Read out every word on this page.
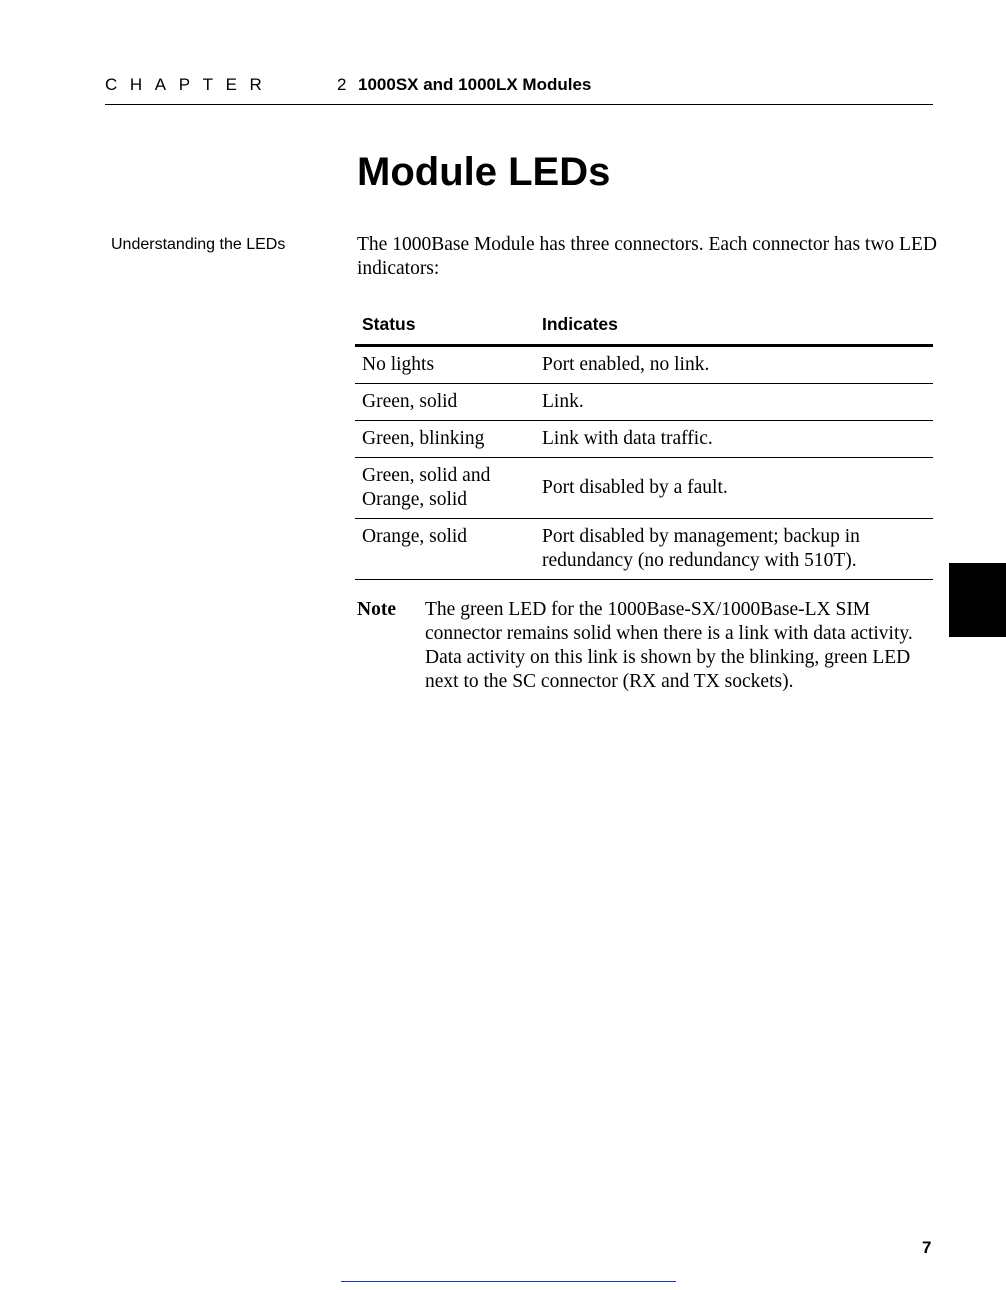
CHAPTER	2 1000SX and 1000LX Modules
Module LEDs
Understanding the LEDs	The 1000Base Module has three connectors. Each connector has two LED indicators:

Status	Indicates
No lights	Port enabled, no link.
Green, solid	Link.
Green, blinking	Link with data traffic.
Green, solid and Orange, solid	Port disabled by a fault.
Orange, solid	Port disabled by management; backup in redundancy (no redundancy with 510T).
Note The green LED for the 1000Base-SX/1000Base-LX SIM connector remains solid when there is a link with data activity. Data activity on this link is shown by the blinking, green LED next to the SC connector (RX and TX sockets).

7
